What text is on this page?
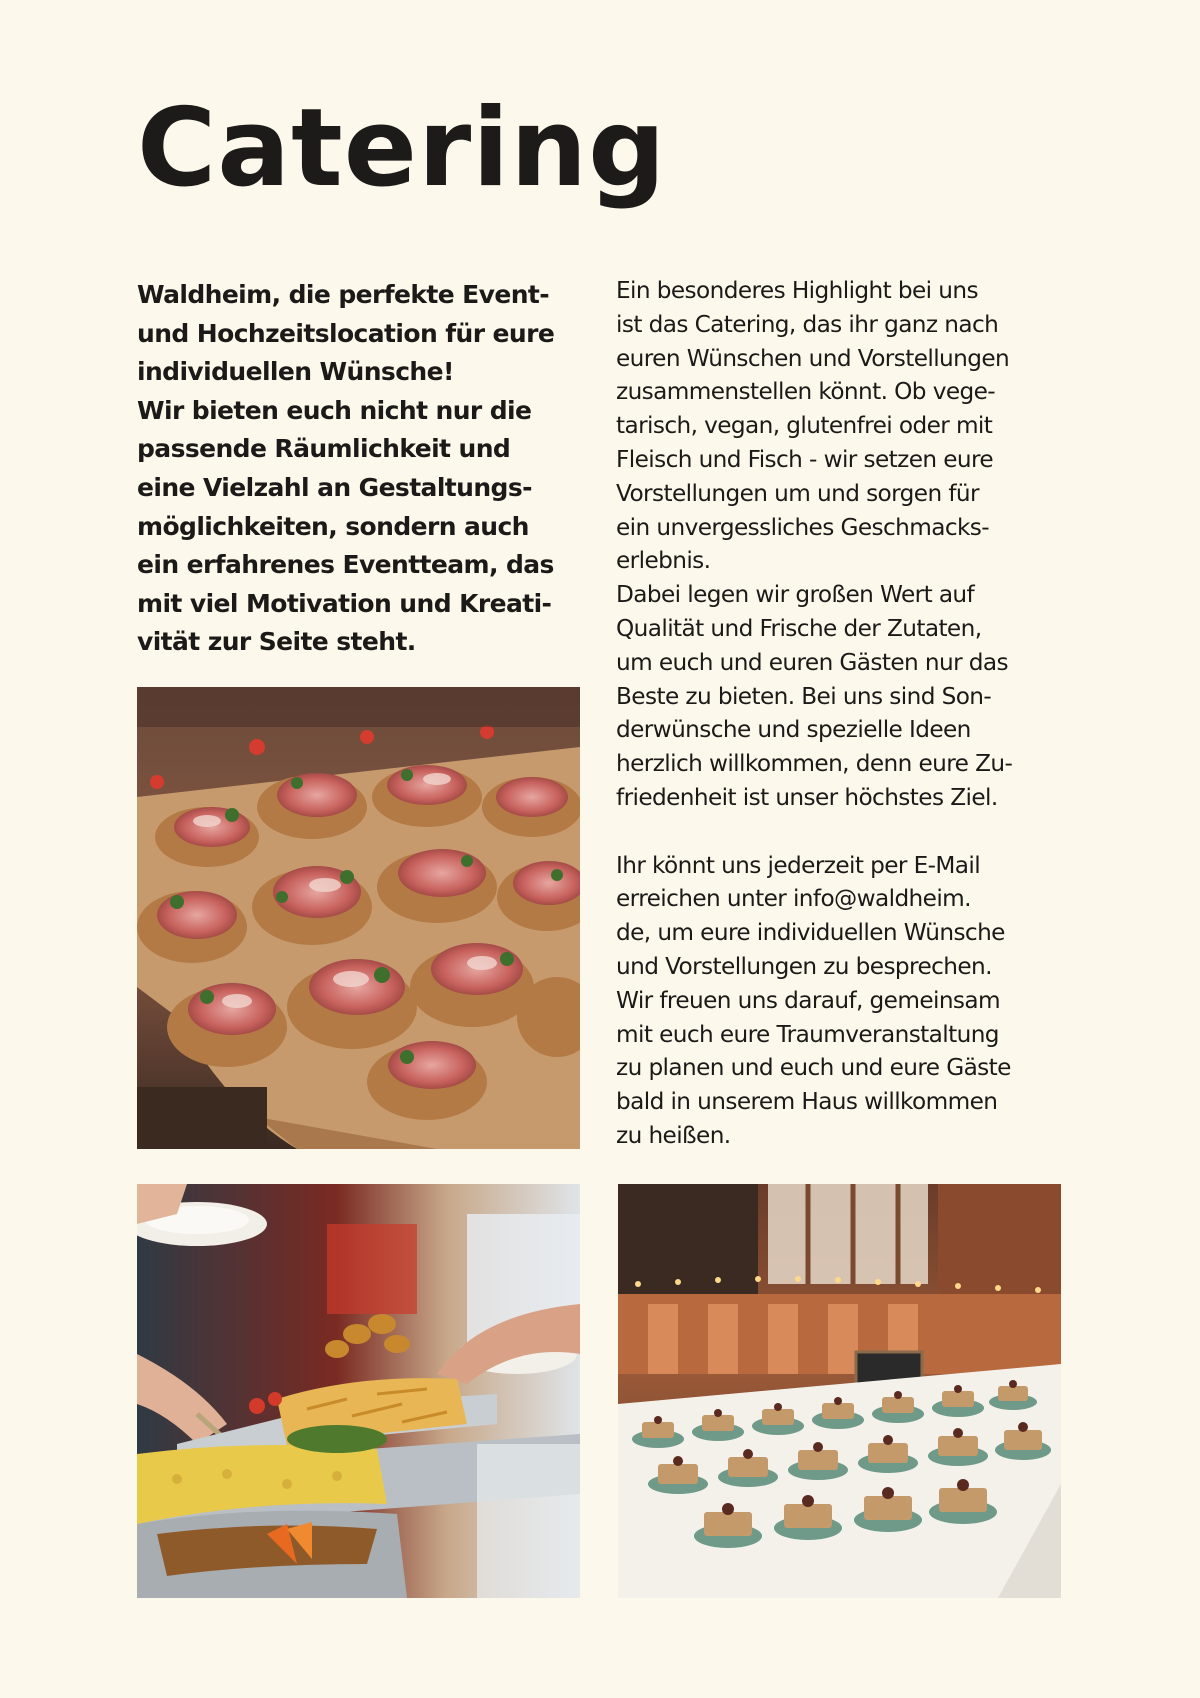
Catering

Waldheim, die perfekte Event-
und Hochzeitslocation für eure
individuellen Wünsche!
Wir bieten euch nicht nur die
passende Räumlichkeit und
eine Vielzahl an Gestaltungs-
möglichkeiten, sondern auch
ein erfahrenes Eventteam, das
mit viel Motivation und Kreati-
vität zur Seite steht.

Ein besonderes Highlight bei uns
ist das Catering, das ihr ganz nach
euren Wünschen und Vorstellungen
zusammenstellen könnt. Ob vege-
tarisch, vegan, glutenfrei oder mit
Fleisch und Fisch - wir setzen eure
Vorstellungen um und sorgen für
ein unvergessliches Geschmacks-
erlebnis.
Dabei legen wir großen Wert auf
Qualität und Frische der Zutaten,
um euch und euren Gästen nur das
Beste zu bieten. Bei uns sind Son-
derwünsche und spezielle Ideen
herzlich willkommen, denn eure Zu-
friedenheit ist unser höchstes Ziel.

Ihr könnt uns jederzeit per E-Mail
erreichen unter info@waldheim.
de, um eure individuellen Wünsche
und Vorstellungen zu besprechen.
Wir freuen uns darauf, gemeinsam
mit euch eure Traumveranstaltung
zu planen und euch und eure Gäste
bald in unserem Haus willkommen
zu heißen.
